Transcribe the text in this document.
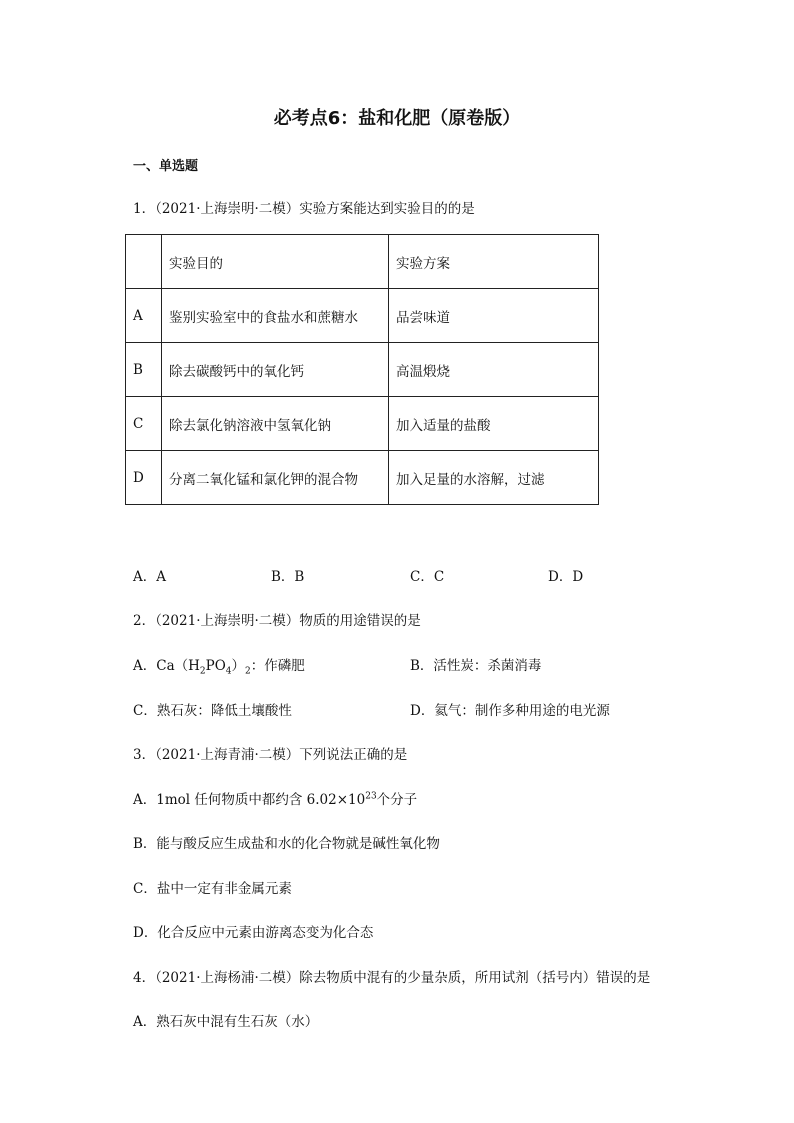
必考点6：盐和化肥（原卷版）
一、单选题
1．（2021·上海崇明·二模）实验方案能达到实验目的的是
	实验目的	实验方案
A	鉴别实验室中的食盐水和蔗糖水	品尝味道
B	除去碳酸钙中的氧化钙	高温煅烧
C	除去氯化钠溶液中氢氧化钠	加入适量的盐酸
D	分离二氧化锰和氯化钾的混合物	加入足量的水溶解，过滤
A．A	B．B	C．C	D．D
2．（2021·上海崇明·二模）物质的用途错误的是
A．$Ca(H_2PO_4)_2$：作磷肥	B．活性炭：杀菌消毒
C．熟石灰：降低土壤酸性	D．氦气：制作多种用途的电光源
3．（2021·上海青浦·二模）下列说法正确的是
A．1mol 任何物质中都约含 $6.02\times 10^{23}$个分子
B．能与酸反应生成盐和水的化合物就是碱性氧化物
C．盐中一定有非金属元素
D．化合反应中元素由游离态变为化合态
4．（2021·上海杨浦·二模）除去物质中混有的少量杂质，所用试剂（括号内）错误的是
A．熟石灰中混有生石灰（水）
